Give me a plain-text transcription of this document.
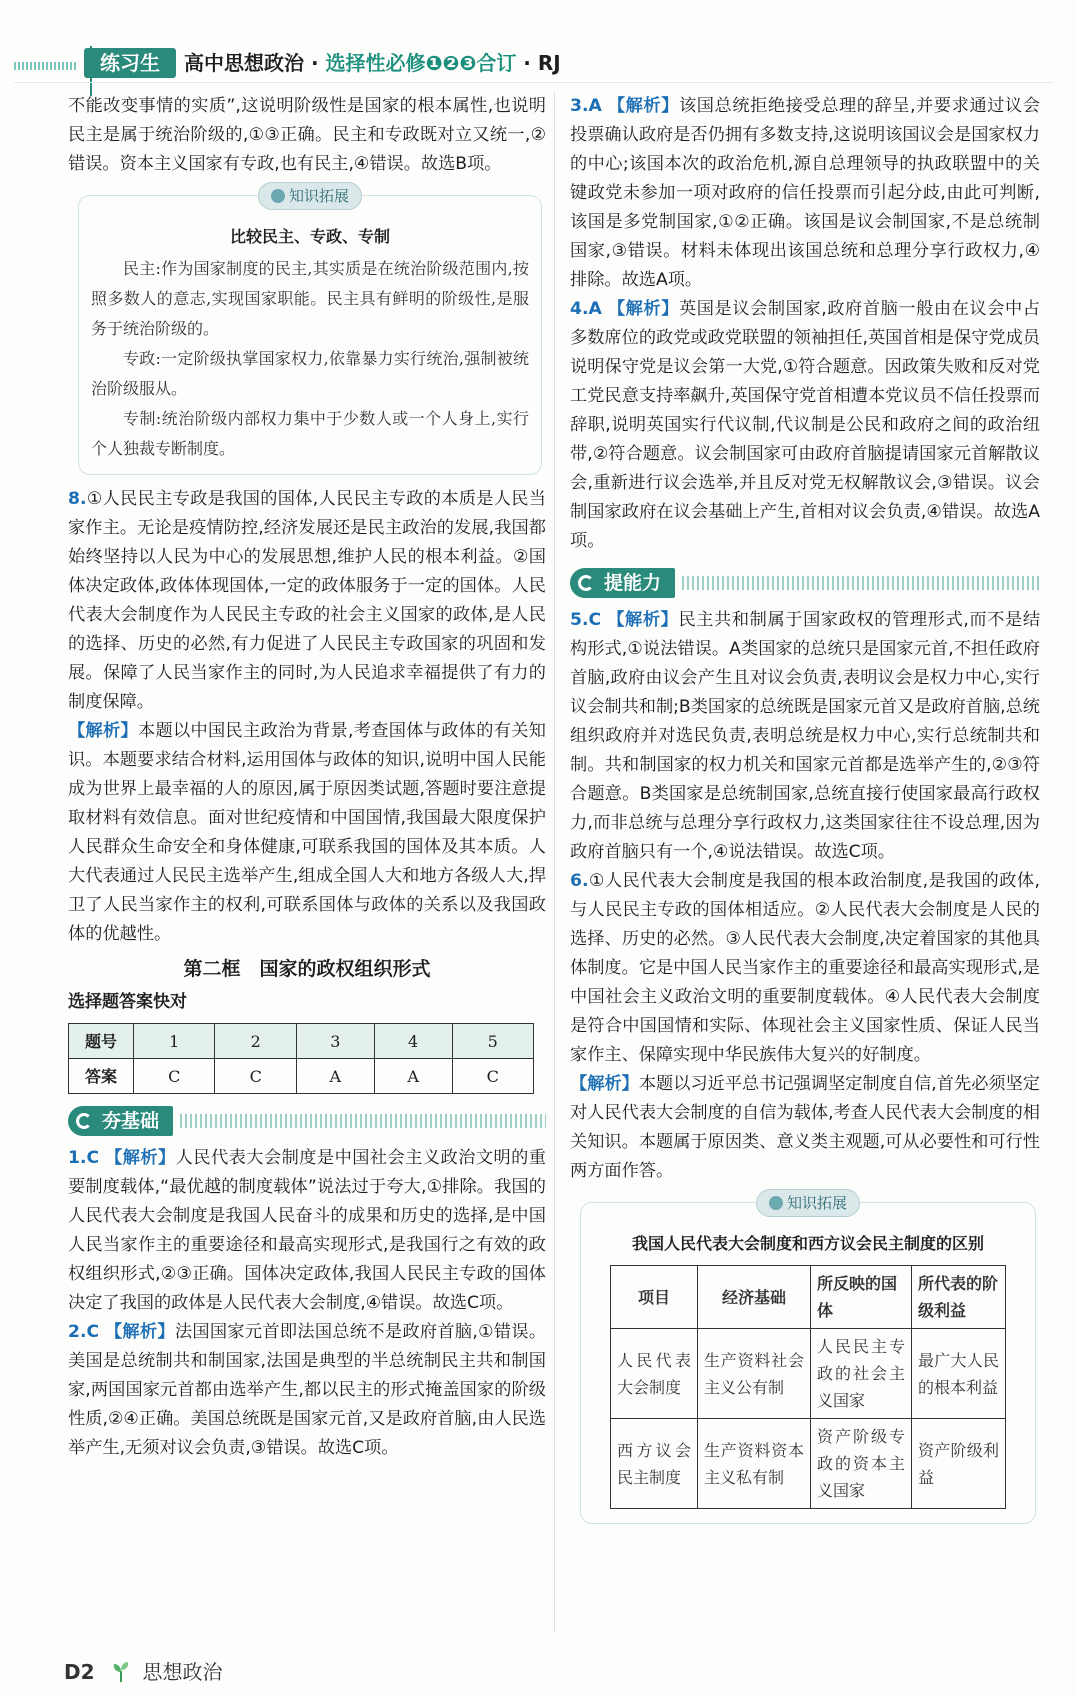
练习生	高中思想政治 · 选择性必修❶❷❸合订 · RJ

不能改变事情的实质”,这说明阶级性是国家的根本属性,也说明民主是属于统治阶级的,①③正确。民主和专政既对立又统一,②错误。资本主义国家有专政,也有民主,④错误。故选B项。

知识拓展
比较民主、专政、专制

民主:作为国家制度的民主,其实质是在统治阶级范围内,按照多数人的意志,实现国家职能。民主具有鲜明的阶级性,是服务于统治阶级的。

专政:一定阶级执掌国家权力,依靠暴力实行统治,强制被统治阶级服从。

专制:统治阶级内部权力集中于少数人或一个人身上,实行个人独裁专断制度。

8.①人民民主专政是我国的国体,人民民主专政的本质是人民当家作主。无论是疫情防控,经济发展还是民主政治的发展,我国都始终坚持以人民为中心的发展思想,维护人民的根本利益。②国体决定政体,政体体现国体,一定的政体服务于一定的国体。人民代表大会制度作为人民民主专政的社会主义国家的政体,是人民的选择、历史的必然,有力促进了人民民主专政国家的巩固和发展。保障了人民当家作主的同时,为人民追求幸福提供了有力的制度保障。

【解析】本题以中国民主政治为背景,考查国体与政体的有关知识。本题要求结合材料,运用国体与政体的知识,说明中国人民能成为世界上最幸福的人的原因,属于原因类试题,答题时要注意提取材料有效信息。面对世纪疫情和中国国情,我国最大限度保护人民群众生命安全和身体健康,可联系我国的国体及其本质。人大代表通过人民民主选举产生,组成全国人大和地方各级人大,捍卫了人民当家作主的权利,可联系国体与政体的关系以及我国政体的优越性。

第二框　国家的政权组织形式
选择题答案快对
题号	1	2	3	4	5
答案	C	C	A	A	C
夯基础

1.C 【解析】人民代表大会制度是中国社会主义政治文明的重要制度载体,“最优越的制度载体”说法过于夸大,①排除。我国的人民代表大会制度是我国人民奋斗的成果和历史的选择,是中国人民当家作主的重要途径和最高实现形式,是我国行之有效的政权组织形式,②③正确。国体决定政体,我国人民民主专政的国体决定了我国的政体是人民代表大会制度,④错误。故选C项。

2.C 【解析】法国国家元首即法国总统不是政府首脑,①错误。美国是总统制共和制国家,法国是典型的半总统制民主共和制国家,两国国家元首都由选举产生,都以民主的形式掩盖国家的阶级性质,②④正确。美国总统既是国家元首,又是政府首脑,由人民选举产生,无须对议会负责,③错误。故选C项。

3.A 【解析】该国总统拒绝接受总理的辞呈,并要求通过议会投票确认政府是否仍拥有多数支持,这说明该国议会是国家权力的中心;该国本次的政治危机,源自总理领导的执政联盟中的关键政党未参加一项对政府的信任投票而引起分歧,由此可判断,该国是多党制国家,①②正确。该国是议会制国家,不是总统制国家,③错误。材料未体现出该国总统和总理分享行政权力,④排除。故选A项。

4.A 【解析】英国是议会制国家,政府首脑一般由在议会中占多数席位的政党或政党联盟的领袖担任,英国首相是保守党成员说明保守党是议会第一大党,①符合题意。因政策失败和反对党工党民意支持率飙升,英国保守党首相遭本党议员不信任投票而辞职,说明英国实行代议制,代议制是公民和政府之间的政治纽带,②符合题意。议会制国家可由政府首脑提请国家元首解散议会,重新进行议会选举,并且反对党无权解散议会,③错误。议会制国家政府在议会基础上产生,首相对议会负责,④错误。故选A项。

提能力

5.C 【解析】民主共和制属于国家政权的管理形式,而不是结构形式,①说法错误。A类国家的总统只是国家元首,不担任政府首脑,政府由议会产生且对议会负责,表明议会是权力中心,实行议会制共和制;B类国家的总统既是国家元首又是政府首脑,总统组织政府并对选民负责,表明总统是权力中心,实行总统制共和制。共和制国家的权力机关和国家元首都是选举产生的,②③符合题意。B类国家是总统制国家,总统直接行使国家最高行政权力,而非总统与总理分享行政权力,这类国家往往不设总理,因为政府首脑只有一个,④说法错误。故选C项。

6.①人民代表大会制度是我国的根本政治制度,是我国的政体,与人民民主专政的国体相适应。②人民代表大会制度是人民的选择、历史的必然。③人民代表大会制度,决定着国家的其他具体制度。它是中国人民当家作主的重要途径和最高实现形式,是中国社会主义政治文明的重要制度载体。④人民代表大会制度是符合中国国情和实际、体现社会主义国家性质、保证人民当家作主、保障实现中华民族伟大复兴的好制度。

【解析】本题以习近平总书记强调坚定制度自信,首先必须坚定对人民代表大会制度的自信为载体,考查人民代表大会制度的相关知识。本题属于原因类、意义类主观题,可从必要性和可行性两方面作答。

知识拓展
我国人民代表大会制度和西方议会民主制度的区别
项目	经济基础	所反映的国体	所代表的阶级利益
人民代表大会制度	生产资料社会主义公有制	人民民主专政的社会主义国家	最广大人民的根本利益
西方议会民主制度	生产资料资本主义私有制	资产阶级专政的资本主义国家	资产阶级利益
D2 思想政治
